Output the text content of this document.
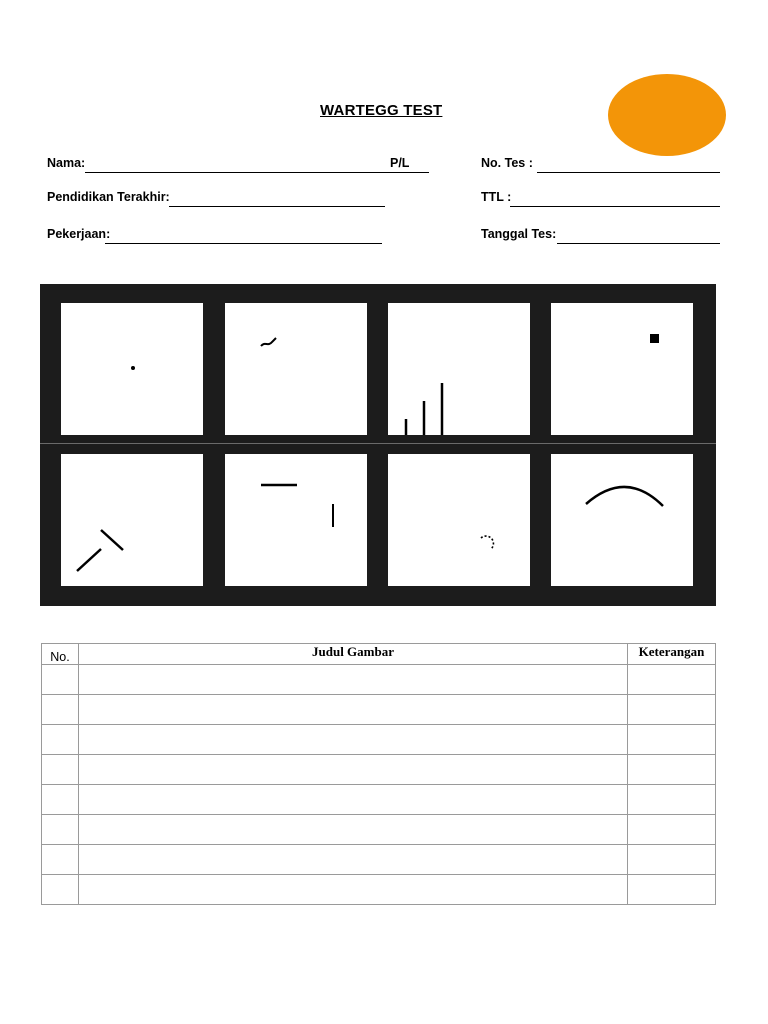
WARTEGG TEST
Nama:	P/L	No. Tes :
Pendidikan Terakhir:	TTL :
Pekerjaan:	Tanggal Tes:
No.	Judul Gambar	Keterangan
